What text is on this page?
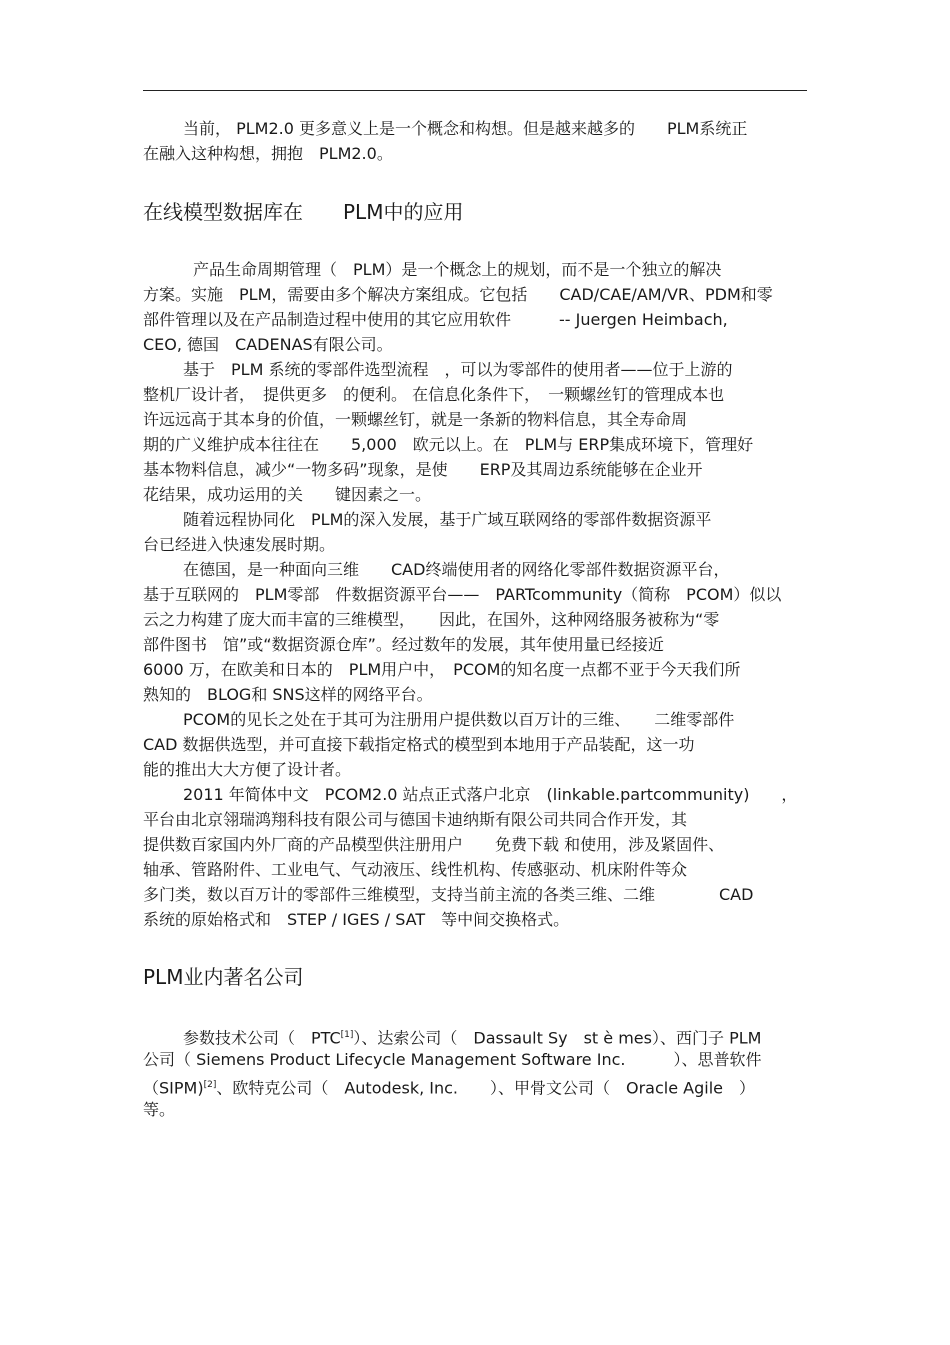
当前， PLM2.0 更多意义上是一个概念和构想。但是越来越多的　　PLM系统正
在融入这种构想，拥抱　PLM2.0。
在线模型数据库在　　PLM中的应用
产品生命周期管理（　PLM）是一个概念上的规划，而不是一个独立的解决
方案。实施　PLM，需要由多个解决方案组成。它包括　　CAD/CAE/AM/VR、PDM和零
部件管理以及在产品制造过程中使用的其它应用软件　　　-- Juergen Heimbach,
CEO, 德国　CADENAS有限公司。
基于　PLM 系统的零部件选型流程　，可以为零部件的使用者——位于上游的
整机厂设计者，　提供更多　的便利。 在信息化条件下，　一颗螺丝钉的管理成本也
许远远高于其本身的价值，一颗螺丝钉，就是一条新的物料信息，其全寿命周
期的广义维护成本往往在　　5,000　欧元以上。在　PLM与 ERP集成环境下，管理好
基本物料信息，减少“一物多码”现象，是使　　ERP及其周边系统能够在企业开
花结果，成功运用的关　　键因素之一。
随着远程协同化　PLM的深入发展，基于广域互联网络的零部件数据资源平
台已经进入快速发展时期。
在德国，是一种面向三维　　CAD终端使用者的网络化零部件数据资源平台，
基于互联网的　PLM零部　件数据资源平台——　PARTcommunity（简称　PCOM）似以
云之力构建了庞大而丰富的三维模型，　　因此，在国外，这种网络服务被称为“零
部件图书　馆”或“数据资源仓库”。经过数年的发展，其年使用量已经接近
6000 万，在欧美和日本的　PLM用户中，　PCOM的知名度一点都不亚于今天我们所
熟知的　BLOG和 SNS这样的网络平台。
PCOM的见长之处在于其可为注册用户提供数以百万计的三维、　　二维零部件
CAD 数据供选型，并可直接下载指定格式的模型到本地用于产品装配，这一功
能的推出大大方便了设计者。
2011 年简体中文　PCOM2.0 站点正式落户北京　(linkable.partcommunity)　　，
平台由北京翎瑞鸿翔科技有限公司与德国卡迪纳斯有限公司共同合作开发，其
提供数百家国内外厂商的产品模型供注册用户　　免费下载 和使用，涉及紧固件、
轴承、管路附件、工业电气、气动液压、线性机构、传感驱动、机床附件等众
多门类，数以百万计的零部件三维模型，支持当前主流的各类三维、二维　　　　CAD
系统的原始格式和　STEP / IGES / SAT　等中间交换格式。
PLM业内著名公司
参数技术公司（　PTC[1]）、达索公司（　Dassault Sy　st è mes）、西门子 PLM
公司（ Siemens Product Lifecycle Management Software Inc.　　　）、思普软件
（SIPM)[2]、欧特克公司（　Autodesk, Inc.　　）、甲骨文公司（　Oracle Agile　）
等。
